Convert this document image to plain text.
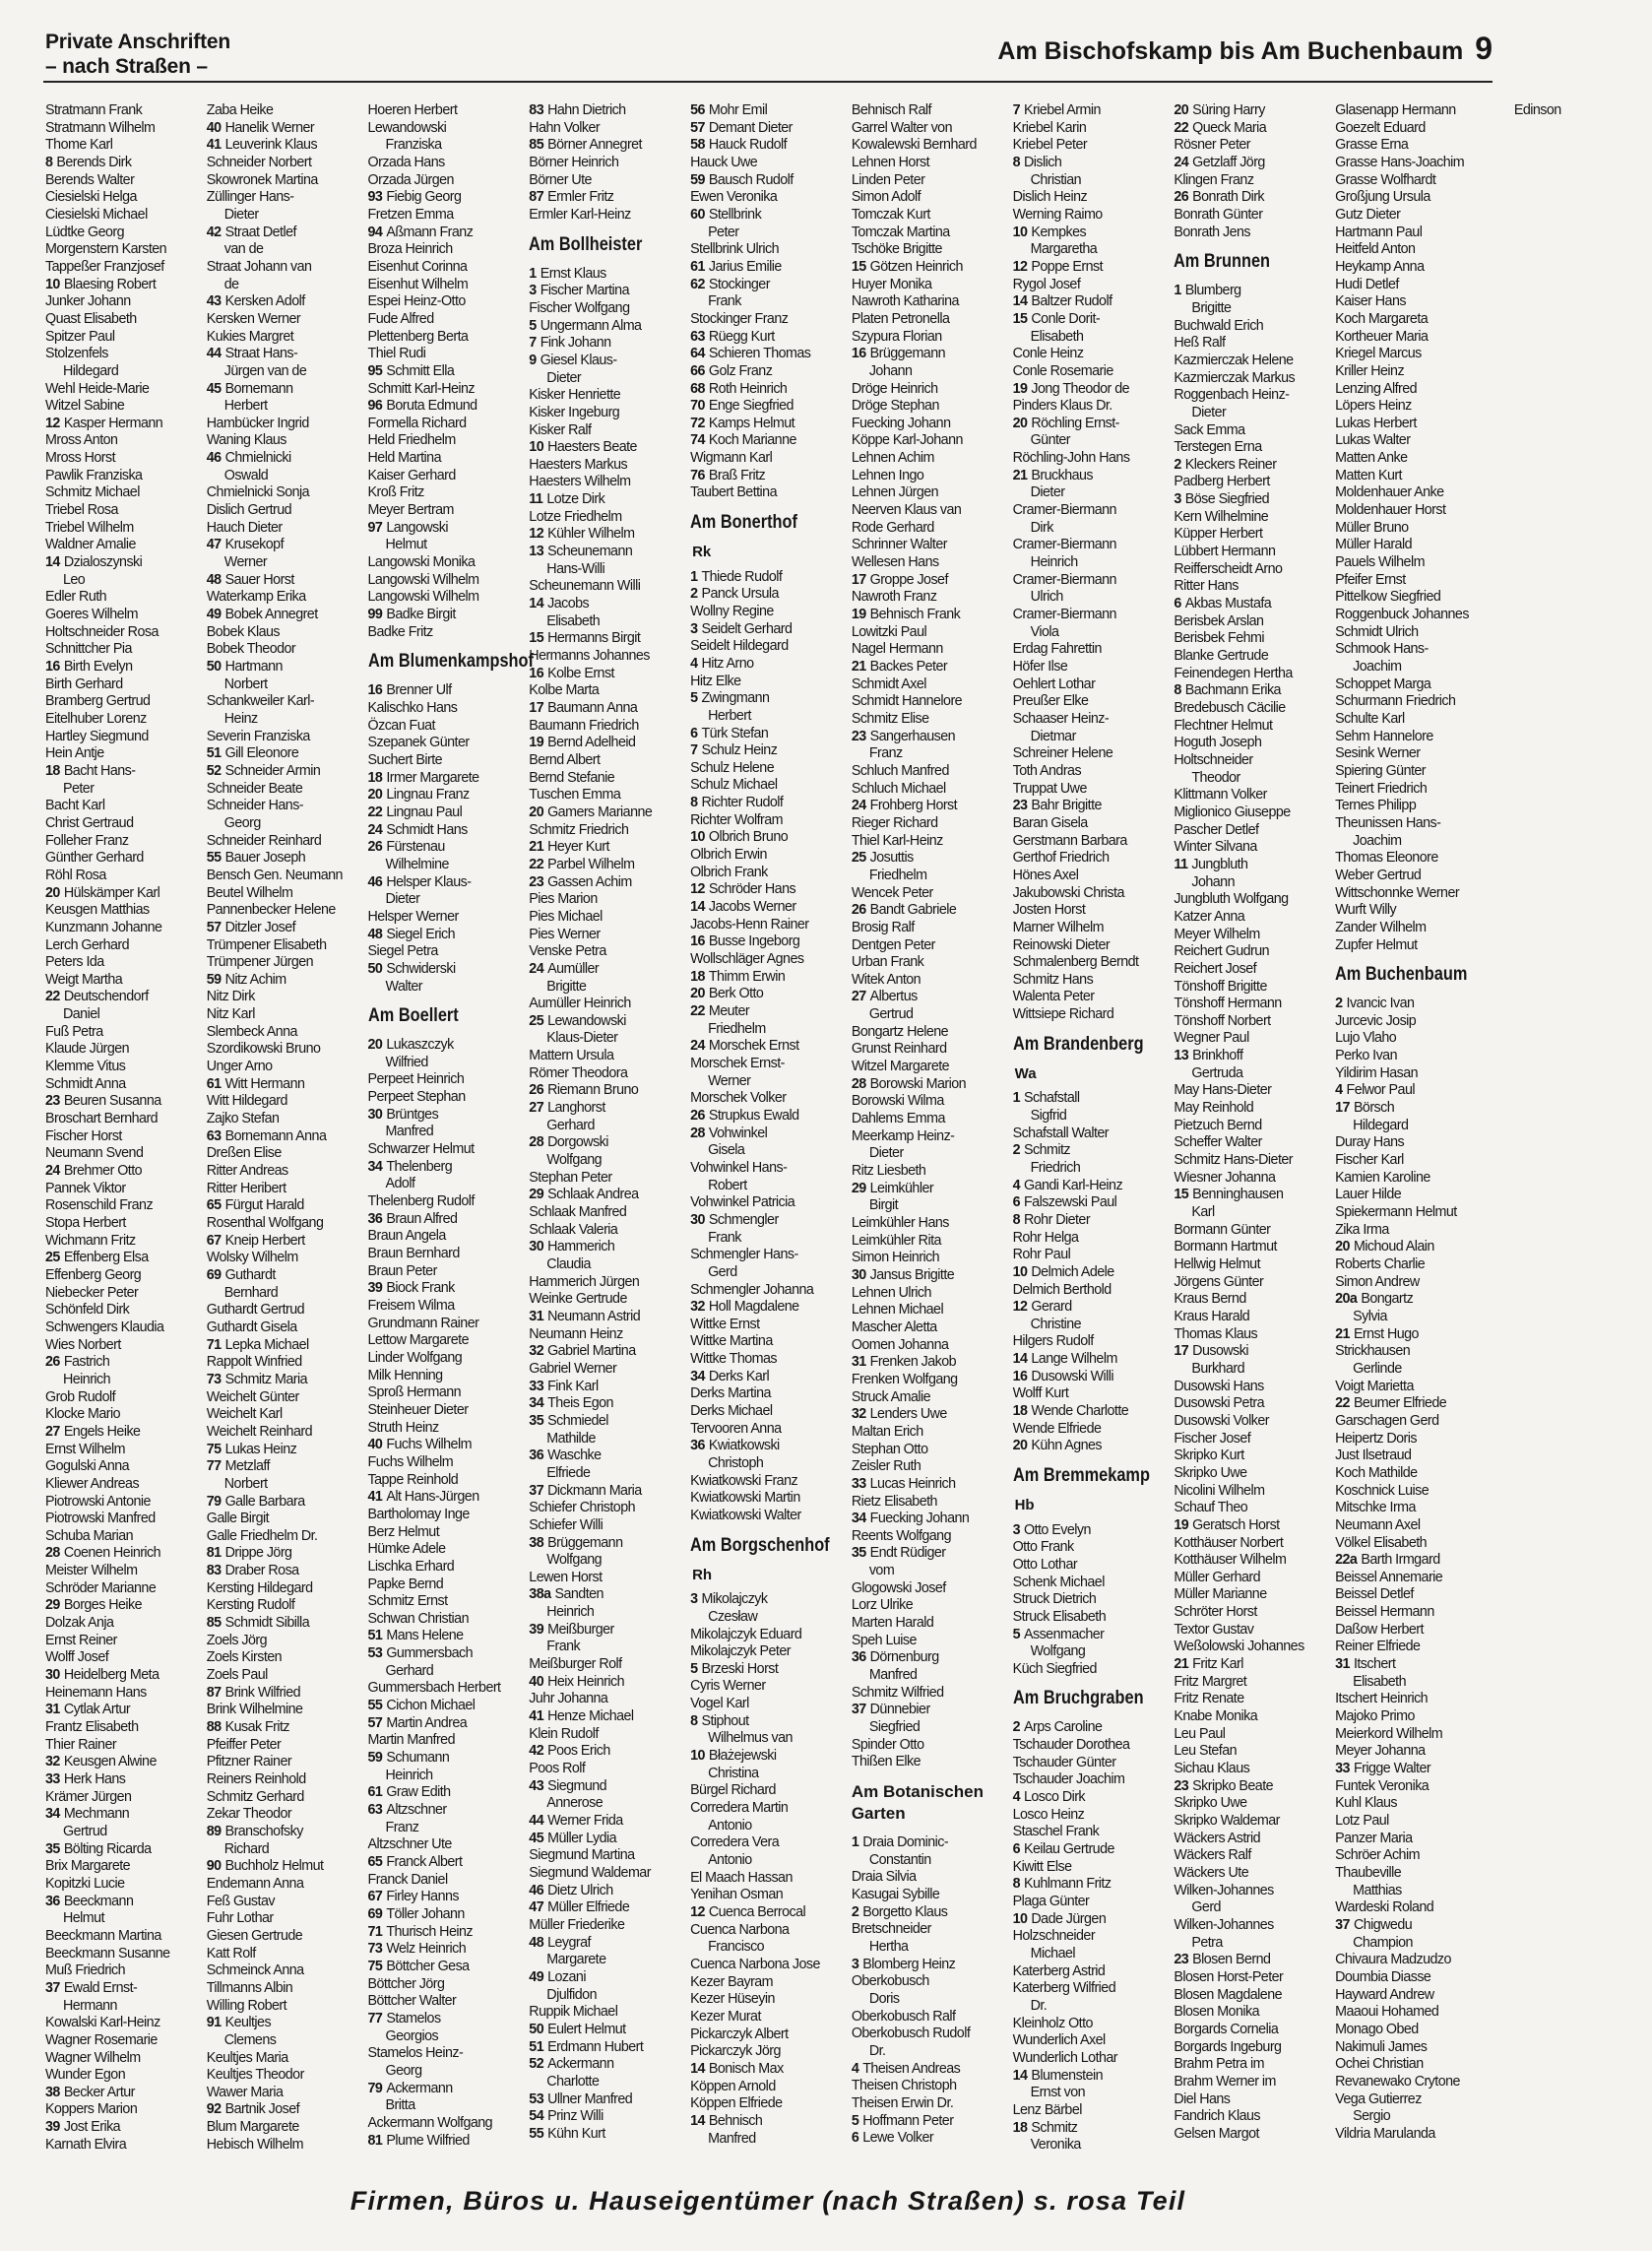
Private Anschriften
– nach Straßen –
Am Bischofskamp bis Am Buchenbaum 9
Stratmann Frank
Stratmann Wilhelm
Thome Karl
8 Berends Dirk
Berends Walter
Ciesielski Helga
Ciesielski Michael
Lüdtke Georg
Morgenstern Karsten
Tappeßer Franzjosef
10 Blaesing Robert
Junker Johann
Quast Elisabeth
Spitzer Paul
Stolzenfels
Hildegard
Wehl Heide-Marie
Witzel Sabine
12 Kasper Hermann
Mross Anton
Mross Horst
Pawlik Franziska
Schmitz Michael
Triebel Rosa
Triebel Wilhelm
Waldner Amalie
14 Dzialoszynski
Leo
Edler Ruth
Goeres Wilhelm
Holtschneider Rosa
Schnittcher Pia
16 Birth Evelyn
Birth Gerhard
Bramberg Gertrud
Eitelhuber Lorenz
Hartley Siegmund
Hein Antje
18 Bacht Hans-
Peter
Bacht Karl
Christ Gertraud
Folleher Franz
Günther Gerhard
Röhl Rosa
20 Hülskämper Karl
Keusgen Matthias
Kunzmann Johanne
Lerch Gerhard
Peters Ida
Weigt Martha
22 Deutschendorf
Daniel
Fuß Petra
Klaude Jürgen
Klemme Vitus
Schmidt Anna
23 Beuren Susanna
Broschart Bernhard
Fischer Horst
Neumann Svend
24 Brehmer Otto
Pannek Viktor
Rosenschild Franz
Stopa Herbert
Wichmann Fritz
25 Effenberg Elsa
Effenberg Georg
Niebecker Peter
Schönfeld Dirk
Schwengers Klaudia
Wies Norbert
26 Fastrich
Heinrich
Grob Rudolf
Klocke Mario
27 Engels Heike
Ernst Wilhelm
Gogulski Anna
Kliewer Andreas
Piotrowski Antonie
Piotrowski Manfred
Schuba Marian
28 Coenen Heinrich
Meister Wilhelm
Schröder Marianne
29 Borges Heike
Dolzak Anja
Ernst Reiner
Wolff Josef
30 Heidelberg Meta
Heinemann Hans
31 Cytlak Artur
Frantz Elisabeth
Thier Rainer
32 Keusgen Alwine
33 Herk Hans
Krämer Jürgen
34 Mechmann
Gertrud
35 Bölting Ricarda
Brix Margarete
Kopitzki Lucie
36 Beeckmann
Helmut
Beeckmann Martina
Beeckmann Susanne
Muß Friedrich
37 Ewald Ernst-
Hermann
Kowalski Karl-Heinz
Wagner Rosemarie
Wagner Wilhelm
Wunder Egon
38 Becker Artur
Koppers Marion
39 Jost Erika
Karnath Elvira
Zaba Heike
40 Hanelik Werner
41 Leuverink Klaus
Schneider Norbert
Skowronek Martina
Züllinger Hans-
Dieter
42 Straat Detlef
van de
Straat Johann van
de
43 Kersken Adolf
Kersken Werner
Kukies Margret
44 Straat Hans-
Jürgen van de
45 Bornemann
Herbert
Hambücker Ingrid
Waning Klaus
46 Chmielnicki
Oswald
Chmielnicki Sonja
Dislich Gertrud
Hauch Dieter
47 Krusekopf
Werner
48 Sauer Horst
Waterkamp Erika
49 Bobek Annegret
Bobek Klaus
Bobek Theodor
50 Hartmann
Norbert
Schankweiler Karl-
Heinz
Severin Franziska
51 Gill Eleonore
52 Schneider Armin
Schneider Beate
Schneider Hans-
Georg
Schneider Reinhard
55 Bauer Joseph
Bensch Gen. Neumann
Beutel Wilhelm
Pannenbecker Helene
57 Ditzler Josef
Trümpener Elisabeth
Trümpener Jürgen
59 Nitz Achim
Nitz Dirk
Nitz Karl
Slembeck Anna
Szordikowski Bruno
Unger Arno
61 Witt Hermann
Witt Hildegard
Zajko Stefan
63 Bornemann Anna
Dreßen Elise
Ritter Andreas
Ritter Heribert
65 Fürgut Harald
Rosenthal Wolfgang
67 Kneip Herbert
Wolsky Wilhelm
69 Guthardt
Bernhard
Guthardt Gertrud
Guthardt Gisela
71 Lepka Michael
Rappolt Winfried
73 Schmitz Maria
Weichelt Günter
Weichelt Karl
Weichelt Reinhard
75 Lukas Heinz
77 Metzlaff
Norbert
79 Galle Barbara
Galle Birgit
Galle Friedhelm Dr.
81 Drippe Jörg
83 Draber Rosa
Kersting Hildegard
Kersting Rudolf
85 Schmidt Sibilla
Zoels Jörg
Zoels Kirsten
Zoels Paul
87 Brink Wilfried
Brink Wilhelmine
88 Kusak Fritz
Pfeiffer Peter
Pfitzner Rainer
Reiners Reinhold
Schmitz Gerhard
Zekar Theodor
89 Branschofsky
Richard
90 Buchholz Helmut
Endemann Anna
Feß Gustav
Fuhr Lothar
Giesen Gertrude
Katt Rolf
Schmeinck Anna
Tillmanns Albin
Willing Robert
91 Keultjes
Clemens
Keultjes Maria
Keultjes Theodor
Wawer Maria
92 Bartnik Josef
Blum Margarete
Hebisch Wilhelm
Hoeren Herbert
Lewandowski
Franziska
Orzada Hans
Orzada Jürgen
93 Fiebig Georg
Fretzen Emma
94 Aßmann Franz
Broza Heinrich
Eisenhut Corinna
Eisenhut Wilhelm
Espei Heinz-Otto
Fude Alfred
Plettenberg Berta
Thiel Rudi
95 Schmitt Ella
Schmitt Karl-Heinz
96 Boruta Edmund
Formella Richard
Held Friedhelm
Held Martina
Kaiser Gerhard
Kroß Fritz
Meyer Bertram
97 Langowski
Helmut
Langowski Monika
Langowski Wilhelm
Langowski Wilhelm
99 Badke Birgit
Badke Fritz
Am Blumenkampshof
16 Brenner Ulf
Kalischko Hans
Özcan Fuat
Szepanek Günter
Suchert Birte
18 Irmer Margarete
20 Lingnau Franz
22 Lingnau Paul
24 Schmidt Hans
26 Fürstenau
Wilhelmine
46 Helsper Klaus-
Dieter
Helsper Werner
48 Siegel Erich
Siegel Petra
50 Schwiderski
Walter
Am Boellert
20 Lukaszczyk
Wilfried
Perpeet Heinrich
Perpeet Stephan
30 Brüntges
Manfred
Schwarzer Helmut
34 Thelenberg
Adolf
Thelenberg Rudolf
36 Braun Alfred
Braun Angela
Braun Bernhard
Braun Peter
39 Biock Frank
Freisem Wilma
Grundmann Rainer
Lettow Margarete
Linder Wolfgang
Milk Henning
Sproß Hermann
Steinheuer Dieter
Struth Heinz
40 Fuchs Wilhelm
Fuchs Wilhelm
Tappe Reinhold
41 Alt Hans-Jürgen
Bartholomay Inge
Berz Helmut
Hümke Adele
Lischka Erhard
Papke Bernd
Schmitz Ernst
Schwan Christian
51 Mans Helene
53 Gummersbach
Gerhard
Gummersbach Herbert
55 Cichon Michael
57 Martin Andrea
Martin Manfred
59 Schumann
Heinrich
61 Graw Edith
63 Altzschner
Franz
Altzschner Ute
65 Franck Albert
Franck Daniel
67 Firley Hanns
69 Töller Johann
71 Thurisch Heinz
73 Welz Heinrich
75 Böttcher Gesa
Böttcher Jörg
Böttcher Walter
77 Stamelos
Georgios
Stamelos Heinz-
Georg
79 Ackermann
Britta
Ackermann Wolfgang
81 Plume Wilfried
83 Hahn Dietrich
Hahn Volker
85 Börner Annegret
Börner Heinrich
Börner Ute
87 Ermler Fritz
Ermler Karl-Heinz
Am Bollheister
1 Ernst Klaus
3 Fischer Martina
Fischer Wolfgang
5 Ungermann Alma
7 Fink Johann
9 Giesel Klaus-
Dieter
Kisker Henriette
Kisker Ingeburg
Kisker Ralf
10 Haesters Beate
Haesters Markus
Haesters Wilhelm
11 Lotze Dirk
Lotze Friedhelm
12 Kühler Wilhelm
13 Scheunemann
Hans-Willi
Scheunemann Willi
14 Jacobs
Elisabeth
15 Hermanns Birgit
Hermanns Johannes
16 Kolbe Ernst
Kolbe Marta
17 Baumann Anna
Baumann Friedrich
19 Bernd Adelheid
Bernd Albert
Bernd Stefanie
Tuschen Emma
20 Gamers Marianne
Schmitz Friedrich
21 Heyer Kurt
22 Parbel Wilhelm
23 Gassen Achim
Pies Marion
Pies Michael
Pies Werner
Venske Petra
24 Aumüller
Brigitte
Aumüller Heinrich
25 Lewandowski
Klaus-Dieter
Mattern Ursula
Römer Theodora
26 Riemann Bruno
27 Langhorst
Gerhard
28 Dorgowski
Wolfgang
Stephan Peter
29 Schlaak Andrea
Schlaak Manfred
Schlaak Valeria
30 Hammerich
Claudia
Hammerich Jürgen
Weinke Gertrude
31 Neumann Astrid
Neumann Heinz
32 Gabriel Martina
Gabriel Werner
33 Fink Karl
34 Theis Egon
35 Schmiedel
Mathilde
36 Waschke
Elfriede
37 Dickmann Maria
Schiefer Christoph
Schiefer Willi
38 Brüggemann
Wolfgang
Lewen Horst
38a Sandten
Heinrich
39 Meißburger
Frank
Meißburger Rolf
40 Heix Heinrich
Juhr Johanna
41 Henze Michael
Klein Rudolf
42 Poos Erich
Poos Rolf
43 Siegmund
Annerose
44 Werner Frida
45 Müller Lydia
Siegmund Martina
Siegmund Waldemar
46 Dietz Ulrich
47 Müller Elfriede
Müller Friederike
48 Leygraf
Margarete
49 Lozani
Djulfidon
Ruppik Michael
50 Eulert Helmut
51 Erdmann Hubert
52 Ackermann
Charlotte
53 Ullner Manfred
54 Prinz Willi
55 Kühn Kurt
56 Mohr Emil
57 Demant Dieter
58 Hauck Rudolf
Hauck Uwe
59 Bausch Rudolf
Ewen Veronika
60 Stellbrink
Peter
Stellbrink Ulrich
61 Jarius Emilie
62 Stockinger
Frank
Stockinger Franz
63 Rüegg Kurt
64 Schieren Thomas
66 Golz Franz
68 Roth Heinrich
70 Enge Siegfried
72 Kamps Helmut
74 Koch Marianne
Wigmann Karl
76 Braß Fritz
Taubert Bettina
Am Bonerthof
Rk
1 Thiede Rudolf
2 Panck Ursula
Wollny Regine
3 Seidelt Gerhard
Seidelt Hildegard
4 Hitz Arno
Hitz Elke
5 Zwingmann
Herbert
6 Türk Stefan
7 Schulz Heinz
Schulz Helene
Schulz Michael
8 Richter Rudolf
Richter Wolfram
10 Olbrich Bruno
Olbrich Erwin
Olbrich Frank
12 Schröder Hans
14 Jacobs Werner
Jacobs-Henn Rainer
16 Busse Ingeborg
Wollschläger Agnes
18 Thimm Erwin
20 Berk Otto
22 Meuter
Friedhelm
24 Morschek Ernst
Morschek Ernst-
Werner
Morschek Volker
26 Strupkus Ewald
28 Vohwinkel
Gisela
Vohwinkel Hans-
Robert
Vohwinkel Patricia
30 Schmengler
Frank
Schmengler Hans-
Gerd
Schmengler Johanna
32 Holl Magdalene
Wittke Ernst
Wittke Martina
Wittke Thomas
34 Derks Karl
Derks Martina
Derks Michael
Tervooren Anna
36 Kwiatkowski
Christoph
Kwiatkowski Franz
Kwiatkowski Martin
Kwiatkowski Walter
Am Borgschenhof
Rh
3 Mikolajczyk
Czesław
Mikolajczyk Eduard
Mikolajczyk Peter
5 Brzeski Horst
Cyris Werner
Vogel Karl
8 Stiphout
Wilhelmus van
10 Błażejewski
Christina
Bürgel Richard
Corredera Martin
Antonio
Corredera Vera
Antonio
El Maach Hassan
Yenihan Osman
12 Cuenca Berrocal
Cuenca Narbona
Francisco
Cuenca Narbona Jose
Kezer Bayram
Kezer Hüseyin
Kezer Murat
Pickarczyk Albert
Pickarczyk Jörg
14 Bonisch Max
Köppen Arnold
Köppen Elfriede
14 Behnisch
Manfred
Behnisch Ralf
Garrel Walter von
Kowalewski Bernhard
Lehnen Horst
Linden Peter
Simon Adolf
Tomczak Kurt
Tomczak Martina
Tschöke Brigitte
15 Götzen Heinrich
Huyer Monika
Nawroth Katharina
Platen Petronella
Szypura Florian
16 Brüggemann
Johann
Dröge Heinrich
Dröge Stephan
Fuecking Johann
Köppe Karl-Johann
Lehnen Achim
Lehnen Ingo
Lehnen Jürgen
Neerven Klaus van
Rode Gerhard
Schrinner Walter
Wellesen Hans
17 Groppe Josef
Nawroth Franz
19 Behnisch Frank
Lowitzki Paul
Nagel Hermann
21 Backes Peter
Schmidt Axel
Schmidt Hannelore
Schmitz Elise
23 Sangerhausen
Franz
Schluch Manfred
Schluch Michael
24 Frohberg Horst
Rieger Richard
Thiel Karl-Heinz
25 Josuttis
Friedhelm
Wencek Peter
26 Bandt Gabriele
Brosig Ralf
Dentgen Peter
Urban Frank
Witek Anton
27 Albertus
Gertrud
Bongartz Helene
Grunst Reinhard
Witzel Margarete
28 Borowski Marion
Borowski Wilma
Dahlems Emma
Meerkamp Heinz-
Dieter
Ritz Liesbeth
29 Leimkühler
Birgit
Leimkühler Hans
Leimkühler Rita
Simon Heinrich
30 Jansus Brigitte
Lehnen Ulrich
Lehnen Michael
Mascher Aletta
Oomen Johanna
31 Frenken Jakob
Frenken Wolfgang
Struck Amalie
32 Lenders Uwe
Maltan Erich
Stephan Otto
Zeisler Ruth
33 Lucas Heinrich
Rietz Elisabeth
34 Fuecking Johann
Reents Wolfgang
35 Endt Rüdiger
vom
Glogowski Josef
Lorz Ulrike
Marten Harald
Speh Luise
36 Dörnenburg
Manfred
Schmitz Wilfried
37 Dünnebier
Siegfried
Spinder Otto
Thißen Elke
Am Botanischen Garten
1 Draia Dominic-
Constantin
Draia Silvia
Kasugai Sybille
2 Borgetto Klaus
Bretschneider
Hertha
3 Blomberg Heinz
Oberkobusch
Doris
Oberkobusch Ralf
Oberkobusch Rudolf
Dr.
4 Theisen Andreas
Theisen Christoph
Theisen Erwin Dr.
5 Hoffmann Peter
6 Lewe Volker
7 Kriebel Armin
Kriebel Karin
Kriebel Peter
8 Dislich
Christian
Dislich Heinz
Werning Raimo
10 Kempkes
Margaretha
12 Poppe Ernst
Rygol Josef
14 Baltzer Rudolf
15 Conle Dorit-
Elisabeth
Conle Heinz
Conle Rosemarie
19 Jong Theodor de
Pinders Klaus Dr.
20 Röchling Ernst-
Günter
Röchling-John Hans
21 Bruckhaus
Dieter
Cramer-Biermann
Dirk
Cramer-Biermann
Heinrich
Cramer-Biermann
Ulrich
Cramer-Biermann
Viola
Erdag Fahrettin
Höfer Ilse
Oehlert Lothar
Preußer Elke
Schaaser Heinz-
Dietmar
Schreiner Helene
Toth Andras
Truppat Uwe
23 Bahr Brigitte
Baran Gisela
Gerstmann Barbara
Gerthof Friedrich
Hönes Axel
Jakubowski Christa
Josten Horst
Marner Wilhelm
Reinowski Dieter
Schmalenberg Berndt
Schmitz Hans
Walenta Peter
Wittsiepe Richard
Am Brandenberg
Wa
1 Schafstall
Sigfrid
Schafstall Walter
2 Schmitz
Friedrich
4 Gandi Karl-Heinz
6 Falszewski Paul
8 Rohr Dieter
Rohr Helga
Rohr Paul
10 Delmich Adele
Delmich Berthold
12 Gerard
Christine
Hilgers Rudolf
14 Lange Wilhelm
16 Dusowski Willi
Wolff Kurt
18 Wende Charlotte
Wende Elfriede
20 Kühn Agnes
Am Bremmekamp
Hb
3 Otto Evelyn
Otto Frank
Otto Lothar
Schenk Michael
Struck Dietrich
Struck Elisabeth
5 Assenmacher
Wolfgang
Küch Siegfried
Am Bruchgraben
2 Arps Caroline
Tschauder Dorothea
Tschauder Günter
Tschauder Joachim
4 Losco Dirk
Losco Heinz
Staschel Frank
6 Keilau Gertrude
Kiwitt Else
8 Kuhlmann Fritz
Plaga Günter
10 Dade Jürgen
Holzschneider
Michael
Katerberg Astrid
Katerberg Wilfried
Dr.
Kleinholz Otto
Wunderlich Axel
Wunderlich Lothar
14 Blumenstein
Ernst von
Lenz Bärbel
18 Schmitz
Veronika
20 Süring Harry
22 Queck Maria
Rösner Peter
24 Getzlaff Jörg
Klingen Franz
26 Bonrath Dirk
Bonrath Günter
Bonrath Jens
Am Brunnen
1 Blumberg
Brigitte
Buchwald Erich
Heß Ralf
Kazmierczak Helene
Kazmierczak Markus
Roggenbach Heinz-
Dieter
Sack Emma
Terstegen Erna
2 Kleckers Reiner
Padberg Herbert
3 Böse Siegfried
Kern Wilhelmine
Küpper Herbert
Lübbert Hermann
Reifferscheidt Arno
Ritter Hans
6 Akbas Mustafa
Berisbek Arslan
Berisbek Fehmi
Blanke Gertrude
Feinendegen Hertha
8 Bachmann Erika
Bredebusch Cäcilie
Flechtner Helmut
Hoguth Joseph
Holtschneider
Theodor
Klittmann Volker
Miglionico Giuseppe
Pascher Detlef
Winter Silvana
11 Jungbluth
Johann
Jungbluth Wolfgang
Katzer Anna
Meyer Wilhelm
Reichert Gudrun
Reichert Josef
Tönshoff Brigitte
Tönshoff Hermann
Tönshoff Norbert
Wegner Paul
13 Brinkhoff
Gertruda
May Hans-Dieter
May Reinhold
Pietzuch Bernd
Scheffer Walter
Schmitz Hans-Dieter
Wiesner Johanna
15 Benninghausen
Karl
Bormann Günter
Bormann Hartmut
Hellwig Helmut
Jörgens Günter
Kraus Bernd
Kraus Harald
Thomas Klaus
17 Dusowski
Burkhard
Dusowski Hans
Dusowski Petra
Dusowski Volker
Fischer Josef
Skripko Kurt
Skripko Uwe
Nicolini Wilhelm
Schauf Theo
19 Geratsch Horst
Kotthäuser Norbert
Kotthäuser Wilhelm
Müller Gerhard
Müller Marianne
Schröter Horst
Textor Gustav
Weßolowski Johannes
21 Fritz Karl
Fritz Margret
Fritz Renate
Knabe Monika
Leu Paul
Leu Stefan
Sichau Klaus
23 Skripko Beate
Skripko Uwe
Skripko Waldemar
Wäckers Astrid
Wäckers Ralf
Wäckers Ute
Wilken-Johannes
Gerd
Wilken-Johannes
Petra
23 Blosen Bernd
Blosen Horst-Peter
Blosen Magdalene
Blosen Monika
Borgards Cornelia
Borgards Ingeburg
Brahm Petra im
Brahm Werner im
Diel Hans
Fandrich Klaus
Gelsen Margot
Glasenapp Hermann
Goezelt Eduard
Grasse Erna
Grasse Hans-Joachim
Grasse Wolfhardt
Großjung Ursula
Gutz Dieter
Hartmann Paul
Heitfeld Anton
Heykamp Anna
Hudi Detlef
Kaiser Hans
Koch Margareta
Kortheuer Maria
Kriegel Marcus
Kriller Heinz
Lenzing Alfred
Löpers Heinz
Lukas Herbert
Lukas Walter
Matten Anke
Matten Kurt
Moldenhauer Anke
Moldenhauer Horst
Müller Bruno
Müller Harald
Pauels Wilhelm
Pfeifer Ernst
Pittelkow Siegfried
Roggenbuck Johannes
Schmidt Ulrich
Schmook Hans-
Joachim
Schoppet Marga
Schurmann Friedrich
Schulte Karl
Sehm Hannelore
Sesink Werner
Spiering Günter
Teinert Friedrich
Ternes Philipp
Theunissen Hans-
Joachim
Thomas Eleonore
Weber Gertrud
Wittschonnke Werner
Wurft Willy
Zander Wilhelm
Zupfer Helmut
Am Buchenbaum
2 Ivancic Ivan
Jurcevic Josip
Lujo Vlaho
Perko Ivan
Yildirim Hasan
4 Felwor Paul
17 Börsch
Hildegard
Duray Hans
Fischer Karl
Kamien Karoline
Lauer Hilde
Spiekermann Helmut
Zika Irma
20 Michoud Alain
Roberts Charlie
Simon Andrew
20a Bongartz
Sylvia
21 Ernst Hugo
Strickhausen
Gerlinde
Voigt Marietta
22 Beumer Elfriede
Garschagen Gerd
Heipertz Doris
Just Ilsetraud
Koch Mathilde
Koschnick Luise
Mitschke Irma
Neumann Axel
Völkel Elisabeth
22a Barth Irmgard
Beissel Annemarie
Beissel Detlef
Beissel Hermann
Daßow Herbert
Reiner Elfriede
31 Itschert
Elisabeth
Itschert Heinrich
Majoko Primo
Meierkord Wilhelm
Meyer Johanna
33 Frigge Walter
Funtek Veronika
Kuhl Klaus
Lotz Paul
Panzer Maria
Schröer Achim
Thaubeville
Matthias
Wardeski Roland
37 Chigwedu
Champion
Chivaura Madzudzo
Doumbia Diasse
Hayward Andrew
Maaoui Hohamed
Monago Obed
Nakimuli James
Ochei Christian
Revanewako Crytone
Vega Gutierrez
Sergio
Vildria Marulanda
Edinson
Firmen, Büros u. Hauseigentümer (nach Straßen) s. rosa Teil
